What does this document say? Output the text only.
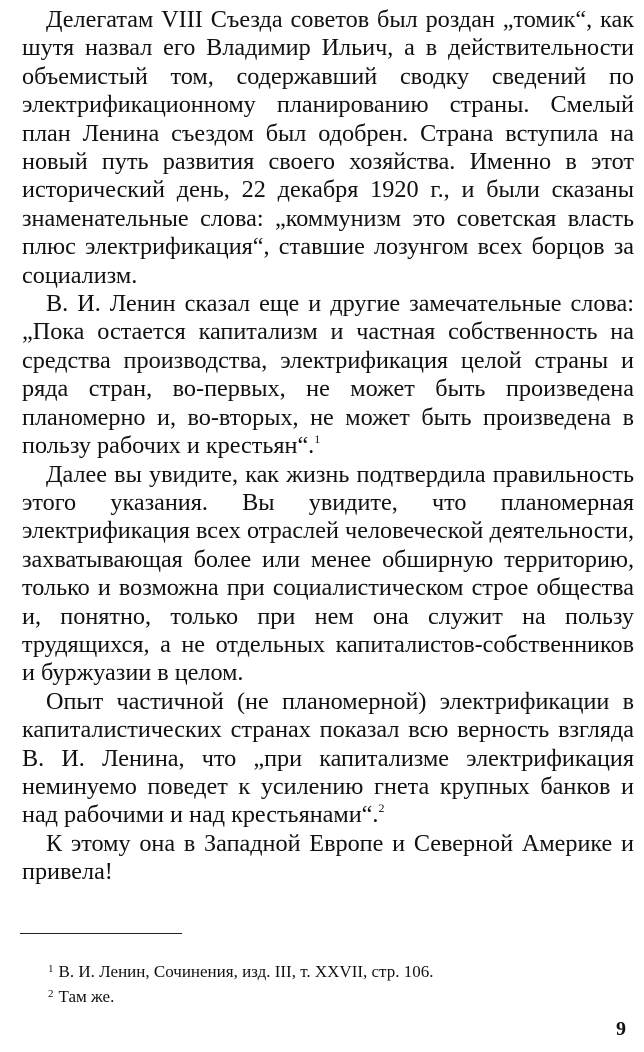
Делегатам VIII Съезда советов был роздан „томик“, как шутя назвал его Владимир Ильич, а в действительности объемистый том, содержавший сводку сведений по электрификационному планированию страны. Смелый план Ленина съездом был одобрен. Страна вступила на новый путь развития своего хозяйства. Именно в этот исторический день, 22 декабря 1920 г., и были сказаны знаменательные слова: „коммунизм это советская власть плюс электрификация“, ставшие лозунгом всех борцов за социализм.

В. И. Ленин сказал еще и другие замечательные слова: „Пока остается капитализм и частная собственность на средства производства, электрификация целой страны и ряда стран, во-первых, не может быть произведена планомерно и, во-вторых, не может быть произведена в пользу рабочих и крестьян“.$^1$

Далее вы увидите, как жизнь подтвердила правильность этого указания. Вы увидите, что планомерная электрификация всех отраслей человеческой деятельности, захватывающая более или менее обширную территорию, только и возможна при социалистическом строе общества и, понятно, только при нем она служит на пользу трудящихся, а не отдельных капиталистов-собственников и буржуазии в целом.

Опыт частичной (не планомерной) электрификации в капиталистических странах показал всю верность взгляда В. И. Ленина, что „при капитализме электрификация неминуемо поведет к усилению гнета крупных банков и над рабочими и над крестьянами“.$^2$

К этому она в Западной Европе и Северной Америке и привела!

$^1$ В. И. Ленин, Сочинения, изд. III, т. XXVII, стр. 106.

$^2$ Там же.

9
